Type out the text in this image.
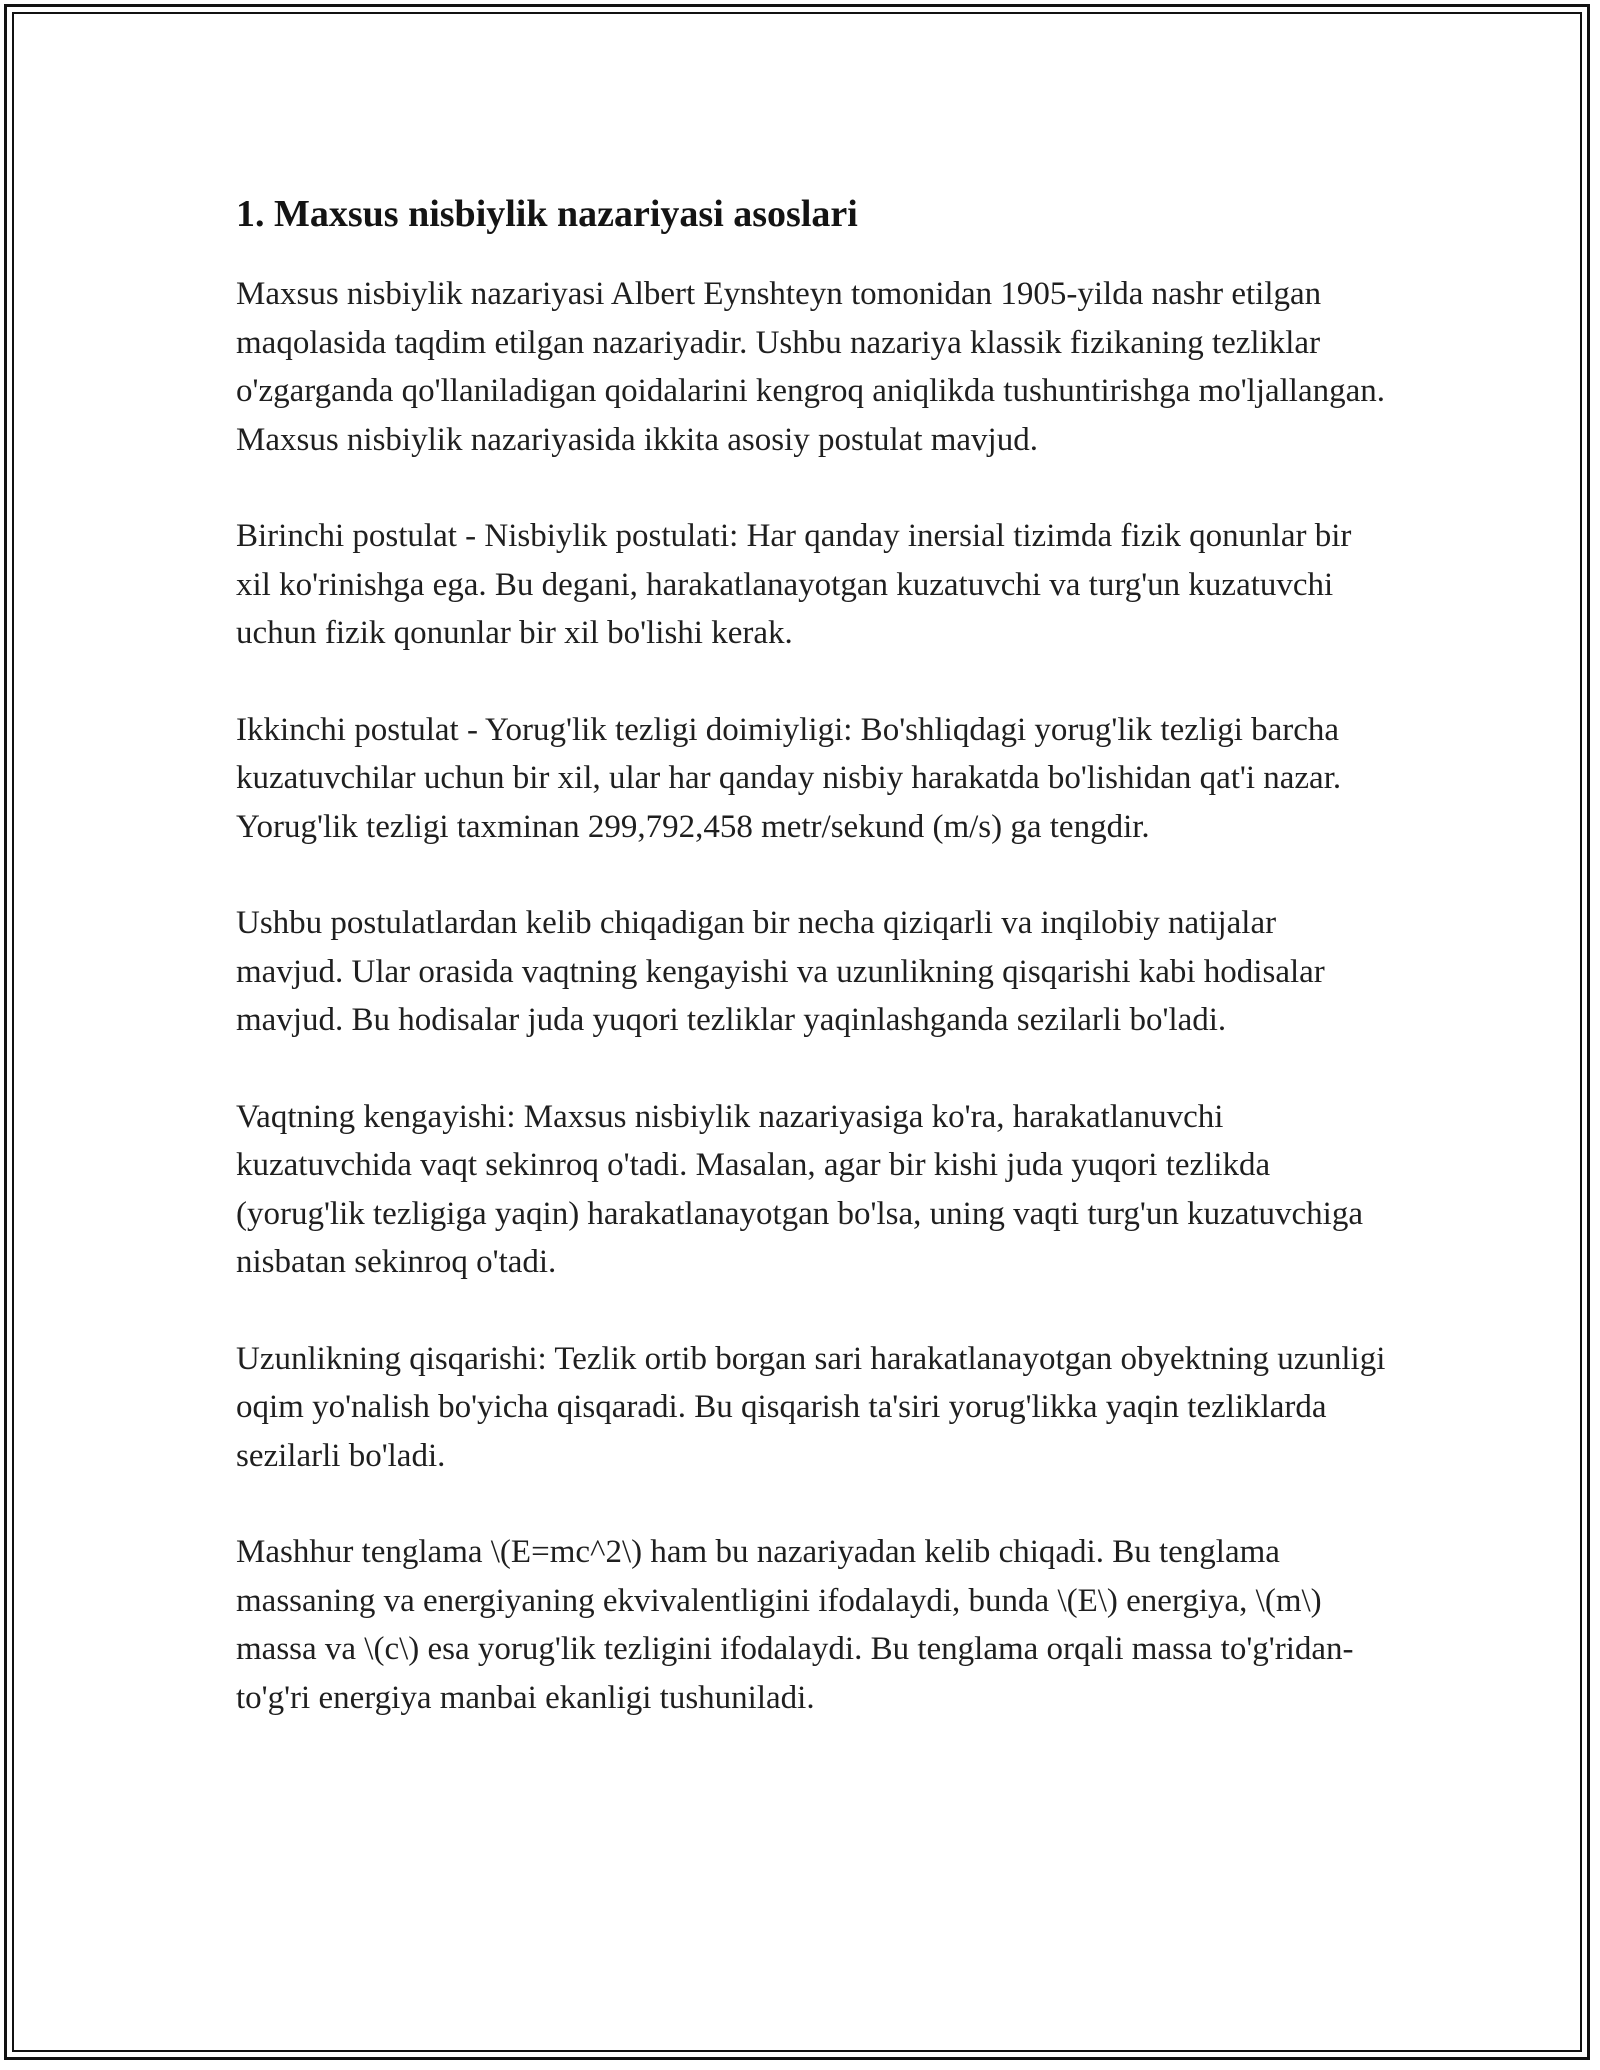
1. Maxsus nisbiylik nazariyasi asoslari

Maxsus nisbiylik nazariyasi Albert Eynshteyn tomonidan 1905-yilda nashr etilgan maqolasida taqdim etilgan nazariyadir. Ushbu nazariya klassik fizikaning tezliklar o'zgarganda qo'llaniladigan qoidalarini kengroq aniqlikda tushuntirishga mo'ljallangan. Maxsus nisbiylik nazariyasida ikkita asosiy postulat mavjud.

Birinchi postulat - Nisbiylik postulati: Har qanday inersial tizimda fizik qonunlar bir xil ko'rinishga ega. Bu degani, harakatlanayotgan kuzatuvchi va turg'un kuzatuvchi uchun fizik qonunlar bir xil bo'lishi kerak.

Ikkinchi postulat - Yorug'lik tezligi doimiyligi: Bo'shliqdagi yorug'lik tezligi barcha kuzatuvchilar uchun bir xil, ular har qanday nisbiy harakatda bo'lishidan qat'i nazar. Yorug'lik tezligi taxminan 299,792,458 metr/sekund (m/s) ga tengdir.

Ushbu postulatlardan kelib chiqadigan bir necha qiziqarli va inqilobiy natijalar mavjud. Ular orasida vaqtning kengayishi va uzunlikning qisqarishi kabi hodisalar mavjud. Bu hodisalar juda yuqori tezliklar yaqinlashganda sezilarli bo'ladi.

Vaqtning kengayishi: Maxsus nisbiylik nazariyasiga ko'ra, harakatlanuvchi kuzatuvchida vaqt sekinroq o'tadi. Masalan, agar bir kishi juda yuqori tezlikda (yorug'lik tezligiga yaqin) harakatlanayotgan bo'lsa, uning vaqti turg'un kuzatuvchiga nisbatan sekinroq o'tadi.

Uzunlikning qisqarishi: Tezlik ortib borgan sari harakatlanayotgan obyektning uzunligi oqim yo'nalish bo'yicha qisqaradi. Bu qisqarish ta'siri yorug'likka yaqin tezliklarda sezilarli bo'ladi.

Mashhur tenglama \(E=mc^2\) ham bu nazariyadan kelib chiqadi. Bu tenglama massaning va energiyaning ekvivalentligini ifodalaydi, bunda \(E\) energiya, \(m\) massa va \(c\) esa yorug'lik tezligini ifodalaydi. Bu tenglama orqali massa to'g'ridan-to'g'ri energiya manbai ekanligi tushuniladi.
